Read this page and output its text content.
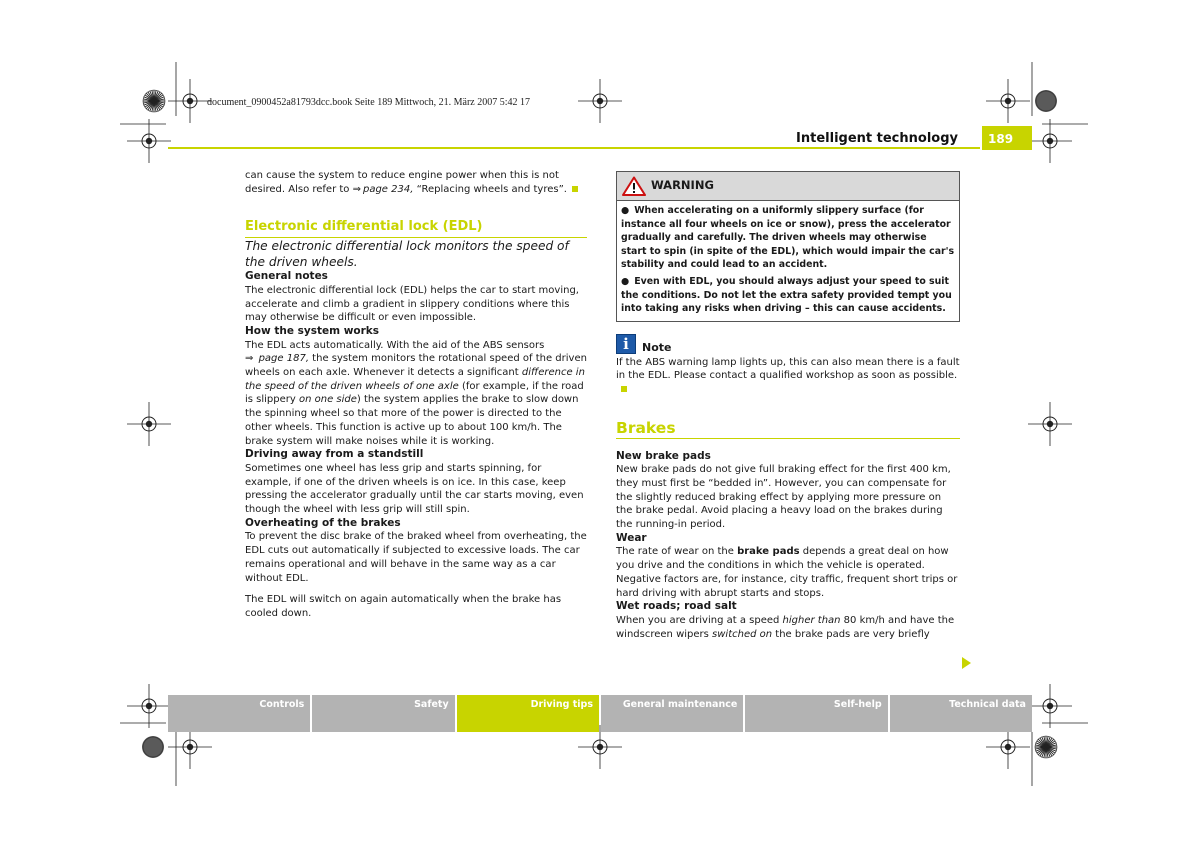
document_0900452a81793dcc.book Seite 189 Mittwoch, 21. März 2007 5:42 17
Intelligent technology	189

can cause the system to reduce engine power when this is not desired. Also refer to ⇒ page 234, “Replacing wheels and tyres”.

Electronic differential lock (EDL)

The electronic differential lock monitors the speed of the driven wheels.

General notes

The electronic differential lock (EDL) helps the car to start moving, accelerate and climb a gradient in slippery conditions where this may otherwise be difficult or even impossible.

How the system works

The EDL acts automatically. With the aid of the ABS sensors
⇒ page 187, the system monitors the rotational speed of the driven wheels on each axle. Whenever it detects a significant difference in the speed of the driven wheels of one axle (for example, if the road is slippery on one side) the system applies the brake to slow down the spinning wheel so that more of the power is directed to the other wheels. This function is active up to about 100 km/h. The brake system will make noises while it is working.

Driving away from a standstill

Sometimes one wheel has less grip and starts spinning, for example, if one of the driven wheels is on ice. In this case, keep pressing the accelerator gradually until the car starts moving, even though the wheel with less grip will still spin.

Overheating of the brakes

To prevent the disc brake of the braked wheel from overheating, the EDL cuts out automatically if subjected to excessive loads. The car remains operational and will behave in the same way as a car without EDL.

The EDL will switch on again automatically when the brake has cooled down.

WARNING

● When accelerating on a uniformly slippery surface (for instance all four wheels on ice or snow), press the accelerator gradually and carefully. The driven wheels may otherwise start to spin (in spite of the EDL), which would impair the car's stability and could lead to an accident.

● Even with EDL, you should always adjust your speed to suit the conditions. Do not let the extra safety provided tempt you into taking any risks when driving – this can cause accidents.

i	Note

If the ABS warning lamp lights up, this can also mean there is a fault in the EDL. Please contact a qualified workshop as soon as possible.

Brakes

New brake pads

New brake pads do not give full braking effect for the first 400 km, they must first be “bedded in”. However, you can compensate for the slightly reduced braking effect by applying more pressure on the brake pedal. Avoid placing a heavy load on the brakes during the running-in period.

Wear

The rate of wear on the brake pads depends a great deal on how you drive and the conditions in which the vehicle is operated. Negative factors are, for instance, city traffic, frequent short trips or hard driving with abrupt starts and stops.

Wet roads; road salt

When you are driving at a speed higher than 80 km/h and have the windscreen wipers switched on the brake pads are very briefly

Controls	Safety	Driving tips	General maintenance	Self-help	Technical data
